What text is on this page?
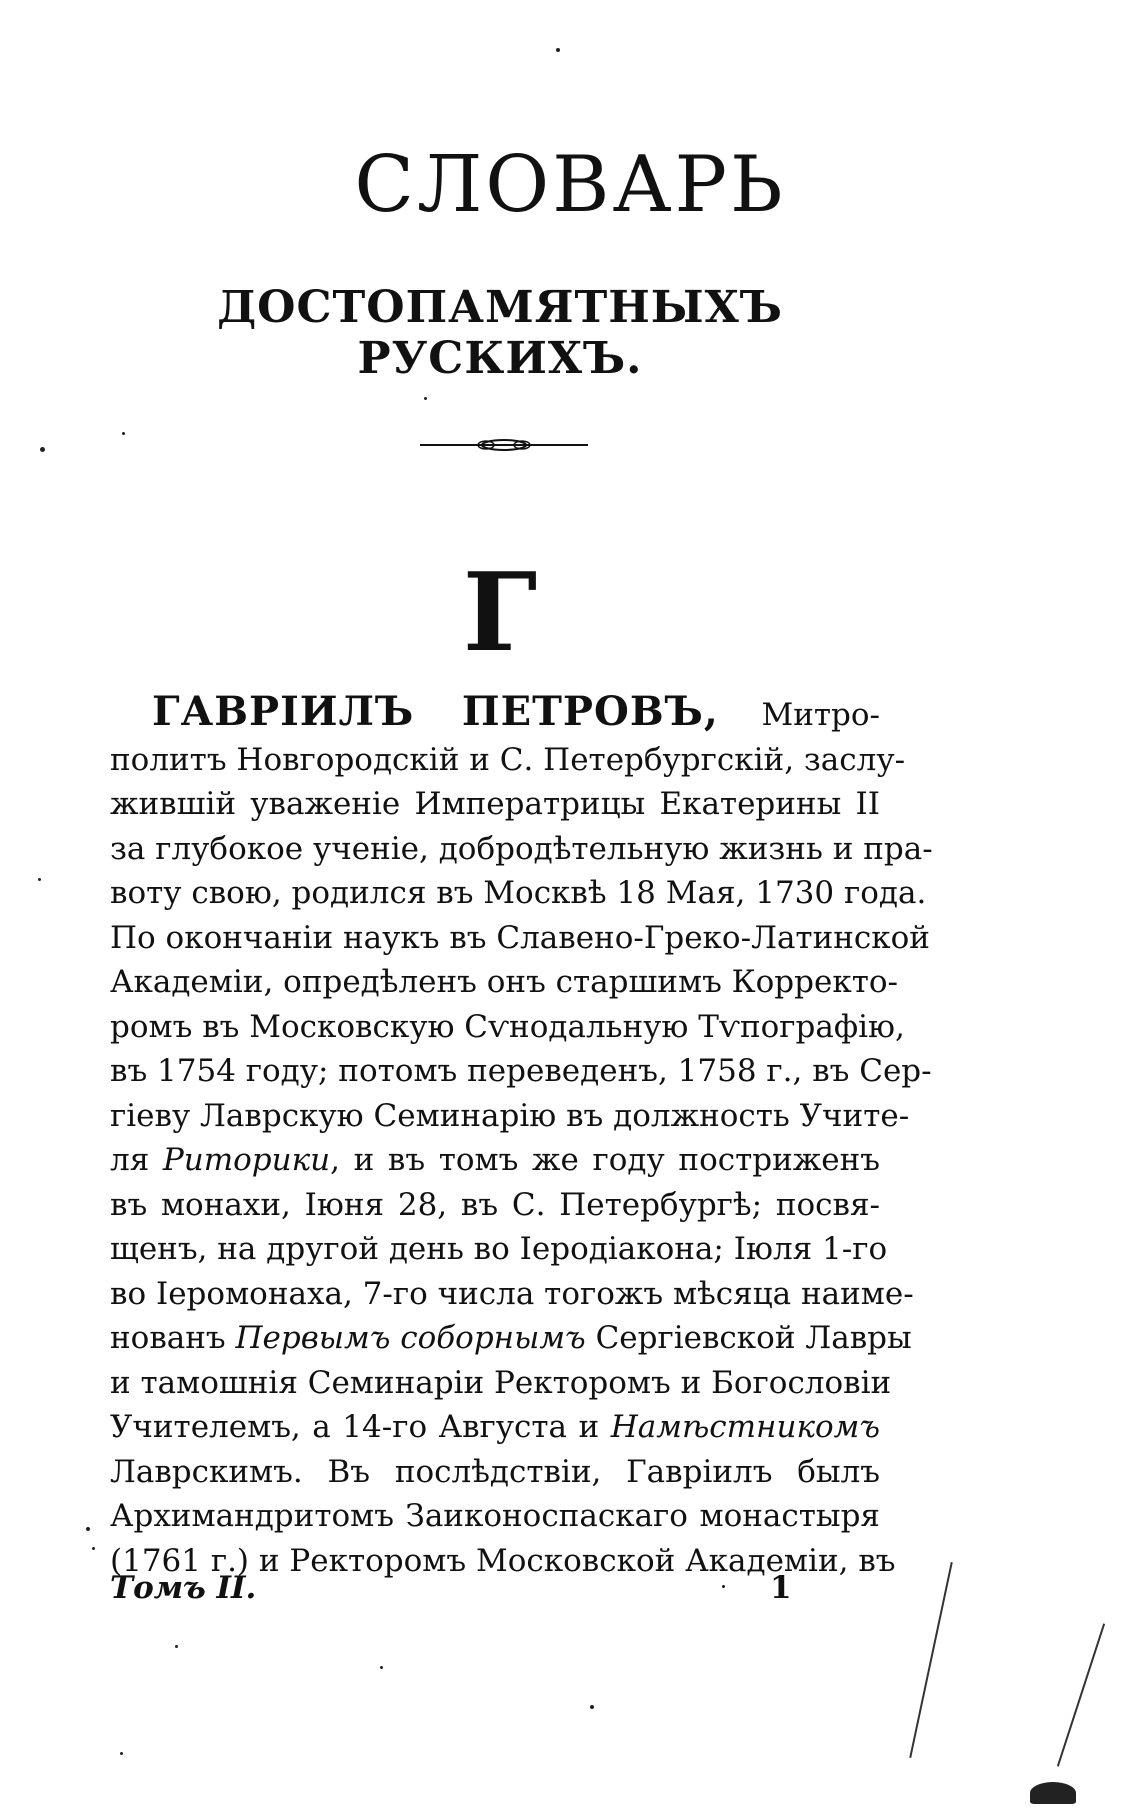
СЛОВАРЬ
ДОСТОПАМЯТНЫХЪ РУСКИХЪ.
Г
ГАВРIИЛЪ ПЕТРОВЪ, Митро-
политъ Новгородскій и С. Петербургскій, заслу-
жившій уваженіе Императрицы Екатерины II
за глубокое ученіе, добродѣтельную жизнь и пра-
воту свою, родился въ Москвѣ 18 Мая, 1730 года.
По окончаніи наукъ въ Славено-Греко-Латинской
Академіи, опредѣленъ онъ старшимъ Корректо-
ромъ въ Московскую Сѵнодальную Тѵпографію,
въ 1754 году; потомъ переведенъ, 1758 г., въ Сер-
гіеву Лаврскую Семинарію въ должность Учите-
ля Риторики, и въ томъ же году постриженъ
въ монахи, Іюня 28, въ С. Петербургѣ; посвя-
щенъ, на другой день во Іеродіакона; Іюля 1-го
во Іеромонаха, 7-го числа тогожъ мѣсяца наиме-
нованъ Первымъ соборнымъ Сергіевской Лавры
и тамошнія Семинаріи Ректоромъ и Богословіи
Учителемъ, а 14-го Августа и Намѣстникомъ
Лаврскимъ. Въ послѣдствіи, Гавріилъ былъ
Архимандритомъ Заиконоспаскаго монастыря
(1761 г.) и Ректоромъ Московской Академіи, въ
Томъ II.	1
